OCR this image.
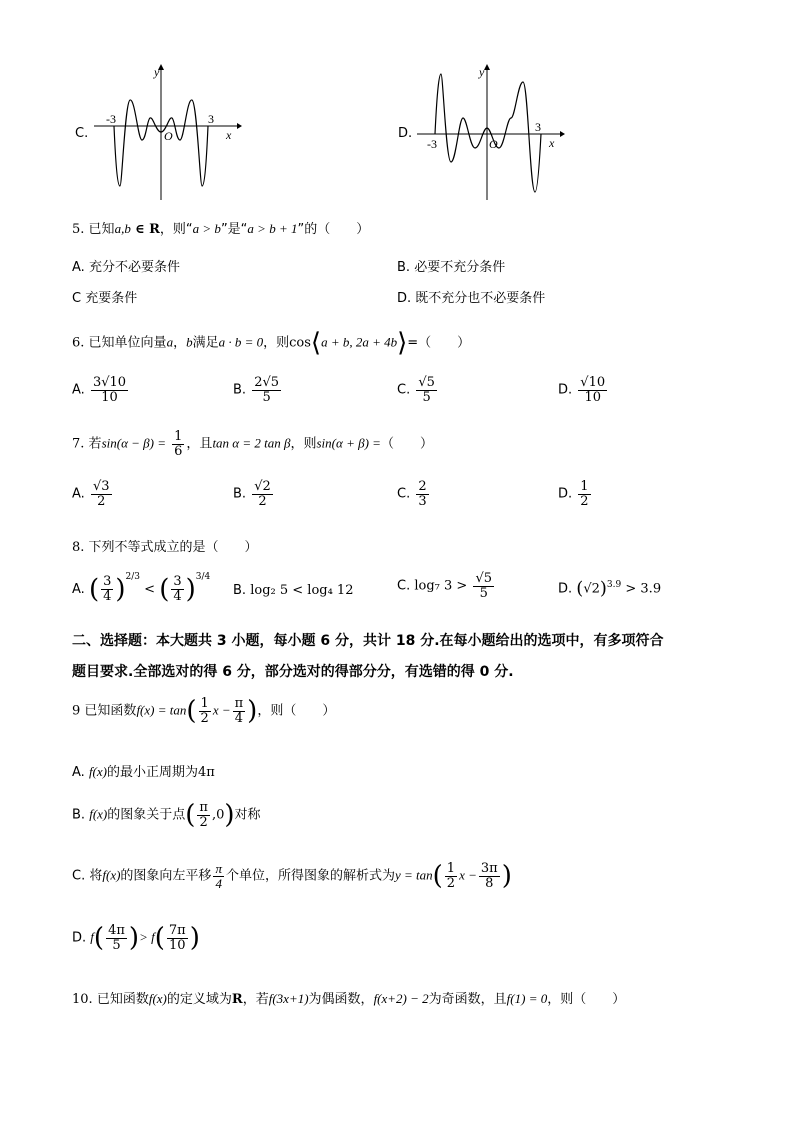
C.
y
x
O
-3	3
D.
y
x
O
-3
3
5. 已知a,b ∈ R，则“a > b”是“a > b + 1”的（　　）
A. 充分不必要条件	B. 必要不充分条件
C 充要条件	D. 既不充分也不必要条件
6. 已知单位向量a，b满足a · b = 0，则cos⟨a + b, 2a + 4b⟩=（　　）
A. $\frac{3√10}{10}$	B. $\frac{2√5}{5}$	C. $\frac{√5}{5}$	D. $\frac{√10}{10}$
7. 若$\sin(\alpha - \beta) = \frac{1}{6}$ ，且tan α = 2 tan β，则sin(α + β) =（　　）
A. $\frac{√3}{2}$	B. $\frac{√2}{2}$	C. $\frac{2}{3}$	D. $\frac{1}{2}$
8. 下列不等式成立的是（　　）
A. ( $\frac{3}{4} )^{2/3}$ < ( $\frac{3}{4} )^{3/4}$
B. log₂ 5 < log₄ 12	C. log₇ $3 > \frac{√5}{5}$	D. $(√2)^{3.9} > 3.9$
二、选择题：本大题共 3 小题，每小题 6 分，共计 18 分.在每小题给出的选项中，有多项符合
题目要求.全部选对的得 6 分，部分选对的得部分分，有选错的得 0 分.
9 已知函数$f(x) = \tan( \frac{1}{2}$ $x - \frac{\pi}{4}$ )，则（　　）
A. f(x)的最小正周期为4π
B. f(x)的图象关于点( $\frac{\pi}{2} ,0$)对称
C. 将f(x)的图象向左平移 $\frac{\pi}{4}$ 个单位，所得图象的解析式为$y = \tan( \frac{1}{2}$ $x - \frac{3\pi}{8}$ )
D. $f( \frac{4\pi}{5}$ )> $f( \frac{7\pi}{10}$ )
10. 已知函数f(x)的定义域为R，若f(3x+1)为偶函数，f(x+2) − 2为奇函数，且f(1) = 0，则（　　）
